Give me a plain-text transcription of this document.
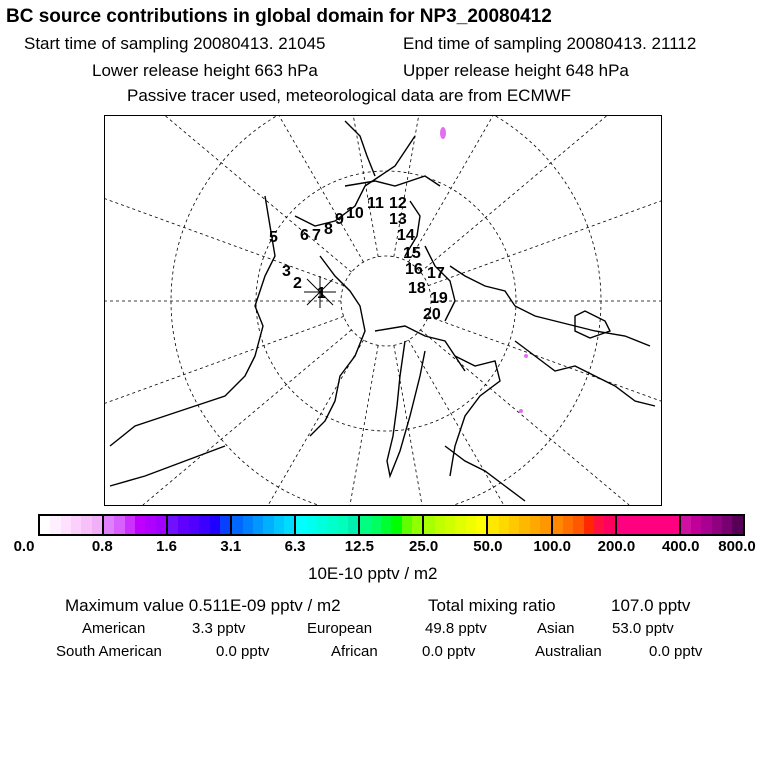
BC source contributions in global domain for NP3_20080412
Start time of sampling 20080413. 21045	End time of sampling 20080413. 21112
Lower release height 663 hPa	Upper release height 648 hPa
Passive tracer used, meteorological data are from ECMWF
1
2
3
5 6 7 8
9 10
11 12
13
14
15
16 17
18
19
20
0.0	0.8	1.6	3.1	6.3	12.5 25.0 50.0 100.0 200.0 400.0 800.0
10E-10 pptv / m2
Maximum value 0.511E-09 pptv / m2	Total mixing ratio	107.0 pptv
American	3.3 pptv	European	49.8 pptv	Asian 53.0 pptv
South American	0.0 pptv	African	0.0 pptv	Australian	0.0 pptv
